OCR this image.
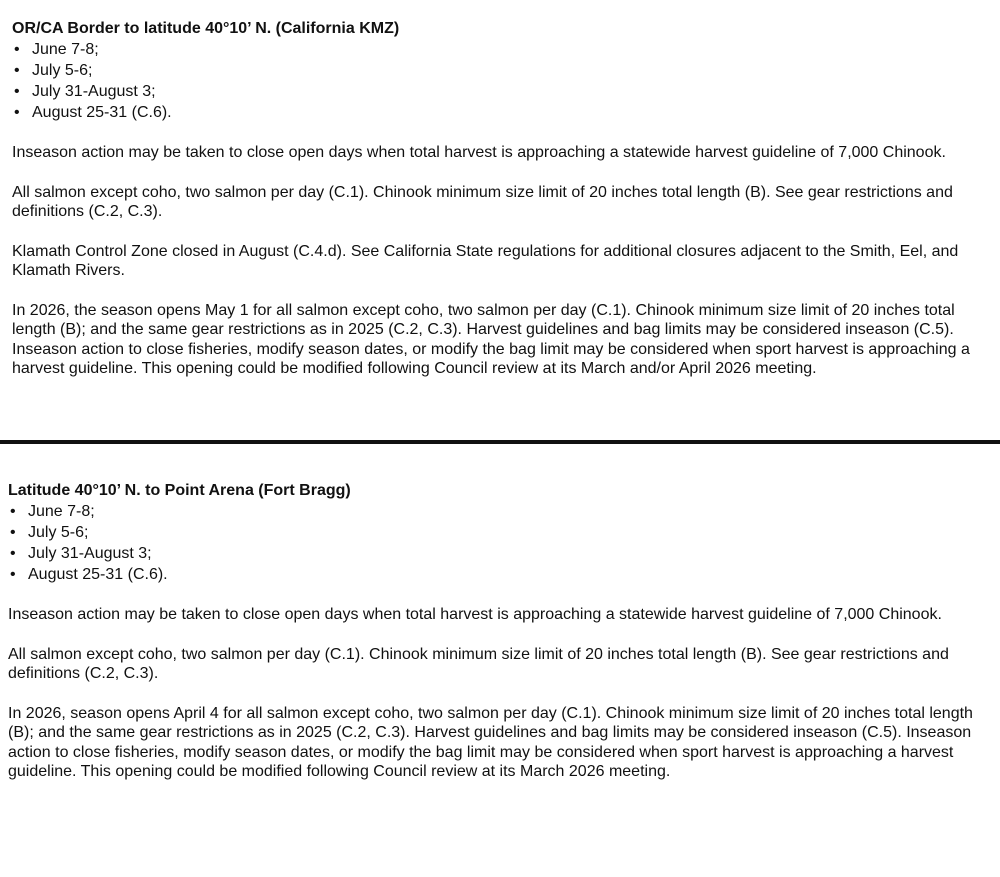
OR/CA Border to latitude 40°10’ N. (California KMZ)

• June 7-8;
• July 5-6;
• July 31-August 3;
• August 25-31 (C.6).

Inseason action may be taken to close open days when total harvest is approaching a statewide harvest guideline of 7,000 Chinook.

All salmon except coho, two salmon per day (C.1). Chinook minimum size limit of 20 inches total length (B). See gear restrictions and definitions (C.2, C.3).

Klamath Control Zone closed in August (C.4.d). See California State regulations for additional closures adjacent to the Smith, Eel, and Klamath Rivers.

In 2026, the season opens May 1 for all salmon except coho, two salmon per day (C.1). Chinook minimum size limit of 20 inches total length (B); and the same gear restrictions as in 2025 (C.2, C.3). Harvest guidelines and bag limits may be considered inseason (C.5). Inseason action to close fisheries, modify season dates, or modify the bag limit may be considered when sport harvest is approaching a harvest guideline. This opening could be modified following Council review at its March and/or April 2026 meeting.

Latitude 40°10’ N. to Point Arena (Fort Bragg)

• June 7-8;
• July 5-6;
• July 31-August 3;
• August 25-31 (C.6).

Inseason action may be taken to close open days when total harvest is approaching a statewide harvest guideline of 7,000 Chinook.

All salmon except coho, two salmon per day (C.1). Chinook minimum size limit of 20 inches total length (B). See gear restrictions and definitions (C.2, C.3).

In 2026, season opens April 4 for all salmon except coho, two salmon per day (C.1). Chinook minimum size limit of 20 inches total length (B); and the same gear restrictions as in 2025 (C.2, C.3). Harvest guidelines and bag limits may be considered inseason (C.5). Inseason action to close fisheries, modify season dates, or modify the bag limit may be considered when sport harvest is approaching a harvest guideline. This opening could be modified following Council review at its March 2026 meeting.
